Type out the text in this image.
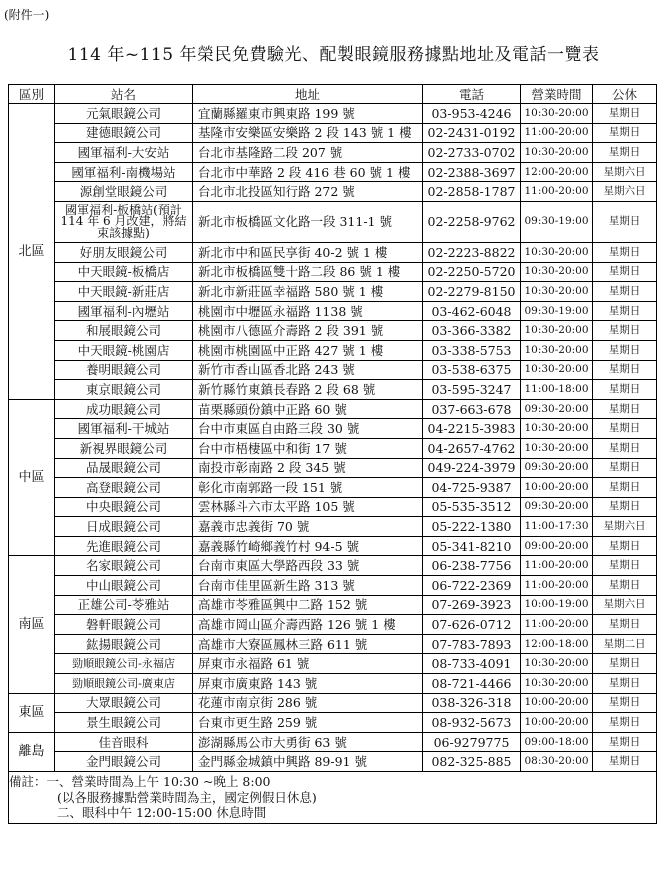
(附件一)
114 年~115 年榮民免費驗光、配製眼鏡服務據點地址及電話一覽表
區別	站名	地址	電話	營業時間	公休
北區	元氣眼鏡公司	宜蘭縣羅東市興東路 199 號	03-953-4246	10:30-20:00	星期日
	建德眼鏡公司	基隆市安樂區安樂路 2 段 143 號 1 樓	02-2431-0192	11:00-20:00	星期日
	國軍福利-大安站	台北市基隆路二段 207 號	02-2733-0702	10:30-20:00	星期日
	國軍福利-南機場站	台北市中華路 2 段 416 巷 60 號 1 樓	02-2388-3697	12:00-20:00	星期六日
	源創堂眼鏡公司	台北市北投區知行路 272 號	02-2858-1787	11:00-20:00	星期六日
	國軍福利-板橋站(預計 114 年 6 月改建，將結束該據點)	新北市板橋區文化路一段 311-1 號	02-2258-9762	09:30-19:00	星期日
	好朋友眼鏡公司	新北市中和區民享街 40-2 號 1 樓	02-2223-8822	10:30-20:00	星期日
	中天眼鏡-板橋店	新北市板橋區雙十路二段 86 號 1 樓	02-2250-5720	10:30-20:00	星期日
	中天眼鏡-新莊店	新北市新莊區幸福路 580 號 1 樓	02-2279-8150	10:30-20:00	星期日
	國軍福利-內壢站	桃園市中壢區永福路 1138 號	03-462-6048	09:30-19:00	星期日
	和展眼鏡公司	桃園市八德區介壽路 2 段 391 號	03-366-3382	10:30-20:00	星期日
	中天眼鏡-桃園店	桃園市桃園區中正路 427 號 1 樓	03-338-5753	10:30-20:00	星期日
	養明眼鏡公司	新竹市香山區香北路 243 號	03-538-6375	10:30-20:00	星期日
	東京眼鏡公司	新竹縣竹東鎮長春路 2 段 68 號	03-595-3247	11:00-18:00	星期日
中區	成功眼鏡公司	苗栗縣頭份鎮中正路 60 號	037-663-678	09:30-20:00	星期日
	國軍福利-干城站	台中市東區自由路三段 30 號	04-2215-3983	10:30-20:00	星期日
	新視界眼鏡公司	台中市梧棲區中和街 17 號	04-2657-4762	10:30-20:00	星期日
	品晟眼鏡公司	南投市彰南路 2 段 345 號	049-224-3979	09:30-20:00	星期日
	高登眼鏡公司	彰化市南郭路一段 151 號	04-725-9387	10:00-20:00	星期日
	中央眼鏡公司	雲林縣斗六市太平路 105 號	05-535-3512	09:30-20:00	星期日
	日成眼鏡公司	嘉義市忠義街 70 號	05-222-1380	11:00-17:30	星期六日
	先進眼鏡公司	嘉義縣竹崎鄉義竹村 94-5 號	05-341-8210	09:00-20:00	星期日
南區	名家眼鏡公司	台南市東區大學路西段 33 號	06-238-7756	11:00-20:00	星期日
	中山眼鏡公司	台南市佳里區新生路 313 號	06-722-2369	11:00-20:00	星期日
	正雄公司-苓雅站	高雄市苓雅區興中二路 152 號	07-269-3923	10:00-19:00	星期六日
	磐軒眼鏡公司	高雄市岡山區介壽西路 126 號 1 樓	07-626-0712	11:00-20:00	星期日
	鈜揚眼鏡公司	高雄市大寮區鳳林三路 611 號	07-783-7893	12:00-18:00	星期二日
	勁順眼鏡公司-永福店	屏東市永福路 61 號	08-733-4091	10:30-20:00	星期日
	勁順眼鏡公司-廣東店	屏東市廣東路 143 號	08-721-4466	10:30-20:00	星期日
東區	大眾眼鏡公司	花蓮市南京街 286 號	038-326-318	10:00-20:00	星期日
	景生眼鏡公司	台東市更生路 259 號	08-932-5673	10:00-20:00	星期日
離島	佳音眼科	澎湖縣馬公市大勇街 63 號	06-9279775	09:00-18:00	星期日
	金門眼鏡公司	金門縣金城鎮中興路 89-91 號	082-325-885	08:30-20:00	星期日

備註：一、營業時間為上午 10:30 ~晚上 8:00
(以各服務據點營業時間為主，國定例假日休息)
二、眼科中午 12:00-15:00 休息時間					
